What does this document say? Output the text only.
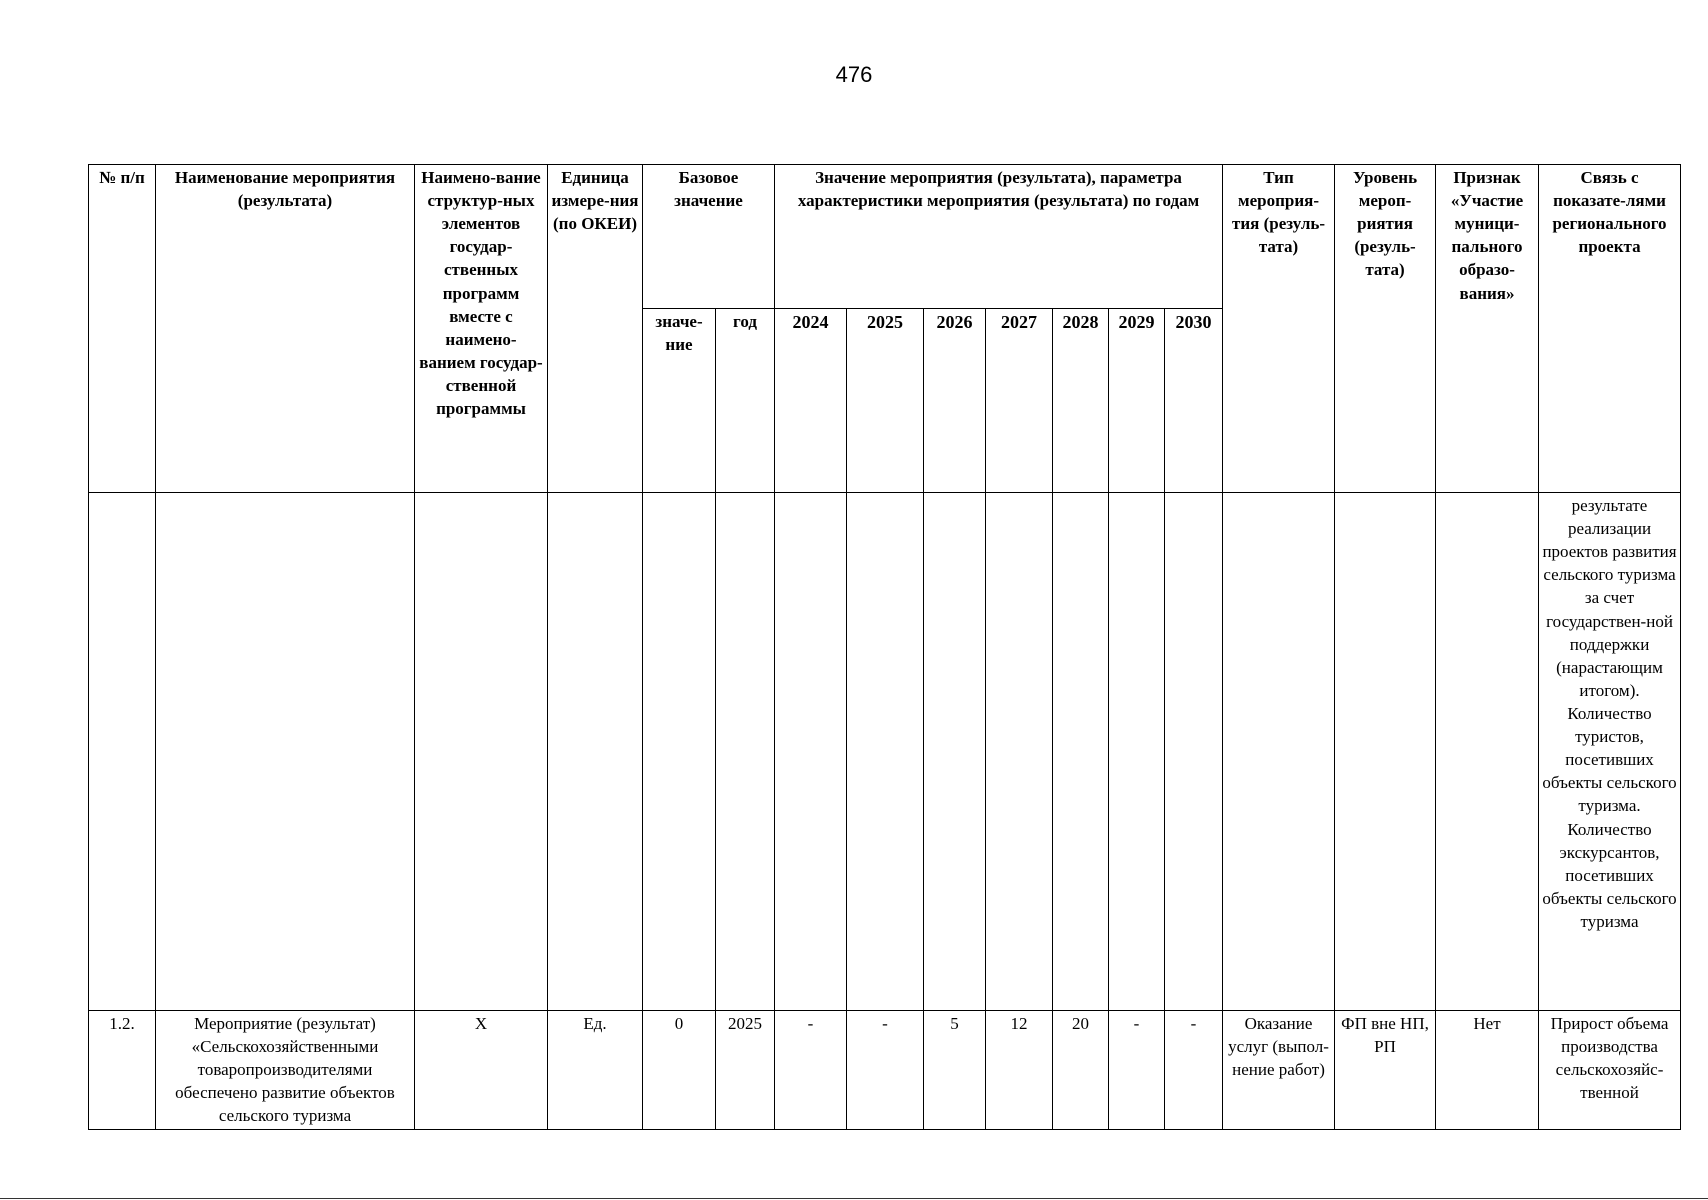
476
№ п/п	Наименование мероприятия (результата)	Наимено-вание структур-ных элементов государ-ственных программ вместе с наимено-ванием государ-ственной программы	Единица измере-ния (по ОКЕИ)	Базовое значение		Значение мероприятия (результата), параметра характеристики мероприятия (результата) по годам							Тип мероприя-тия (резуль-тата)	Уровень мероп-риятия (резуль-тата)	Признак «Участие муници-пального образо-вания»	Связь с показате-лями регионального проекта
				значе-ние	год	2024	2025	2026	2027	2028	2029	2030				
																результате реализации проектов развития сельского туризма за счет государствен-ной поддержки (нарастающим итогом). Количество туристов, посетивших объекты сельского туризма. Количество экскурсантов, посетивших объекты сельского туризма
1.2.	Мероприятие (результат) «Сельскохозяйственными товаропроизводителями обеспечено развитие объектов сельского туризма	X	Ед.	0	2025	-	-	5	12	20	-	-	Оказание услуг (выпол-нение работ)	ФП вне НП, РП	Нет	Прирост объема производства сельскохозяйс-твенной
